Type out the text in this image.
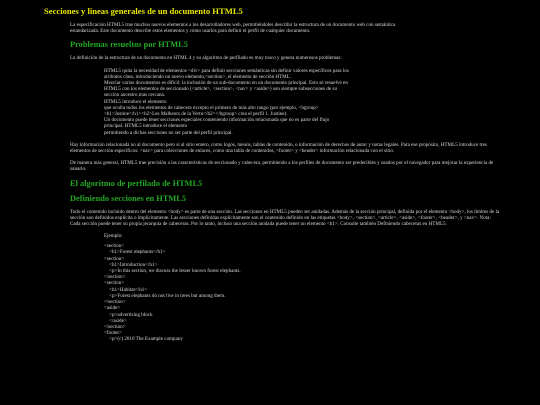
Secciones y lineas generales de un documento HTML5
La especificación HTML5 trae muchos nuevos elementos a los desarrolladores web, permitiéndoles describir la estructura de un documento web con semántica estandarizada. Este documento describe estos elementos y cómo usarlos para definir el perfil de cualquier documento.
Problemas resueltos por HTML5

La definición de la estructura de un documento en HTML 4 y su algoritmo de perfilado es muy tosco y genera numerosos problemas:

HTML5 quita la necesidad de elementos <div> para definir secciones semánticas sin definir valores específicos para los
atributos class, introduciendo un nuevo elemento,<section>, el elemento de sección HTML.
Mezclar varios documentos es difícil: la inclusión de un sub-documento en un documento principal. Esto se resuelve en
HTML5 con los elementos de seccionado (<article>, <section>, <nav> y <aside>) son siempre subsecciones de su
sección ancestro más cercana.
HTML5 introduce el elemento
que oculta todos los elementos de cabecera excepto el primero de más alto rango (por ejemplo, <hgroup>
<h1>Justine</h1><h2>Les Malheurs de la Vertu</h2></hgroup> crea el perfil 1. Justine).
Un documento puede tener secciones especiales conteniendo información relacionada que no es parte del flujo
principal. HTML5 introduce el elemento
permitiendo a dichas secciones no ser parte del perfil principal.

Hay información relacionada no al documento pero si al sitio entero, como logos, menús, tablas de contenido, o información de derechos de autor y notas legales. Para ese propósito, HTML5 introduce tres elementos de sección específicos: <nav> para colecciones de enlaces, como una tabla de contenidos, <footer> y <header> información relacionada con el sitio.

De manera más general, HTML5 trae precisión a las características de seccionado y cabecera, permitiendo a los perfiles de documento ser predecibles y usados por el navegador para mejorar la experiencia de usuario.

El algoritmo de perfilado de HTML5
Definiendo secciones en HTML5

Todo el contenido incluido dentro del elemento <body> es parte de una sección. Las secciones en HTML5 pueden ser anidadas. Además de la sección principal, definida por el elemento <body>, los límites de la sección son definidos explícita o implícitamente. Las secciones definidas explícitamente son el contenido definido en las etiquetas <body>, <section>, <article>, <aside>, <footer>, <header>, y <nav>. Nota: Cada sección puede tener su propia jerarquía de cabeceras. Por lo tanto, incluso una sección anidada puede tener un elemento <h1>. Consulte también Definiendo cabeceras en HTML5.

Ejemplo:
<section>
<h1>Forest elephants</h1>
<section>
<h1>Introduction</h1>
<p>In this section, we discuss the lesser known forest elephants.
</section>
<section>
<h1>Habitat</h1>
<p>Forest elephants do not live in trees but among them.
</section>
<aside>
<p>advertising block
</aside>
</section>
<footer>
<p>(c) 2010 The Example company
